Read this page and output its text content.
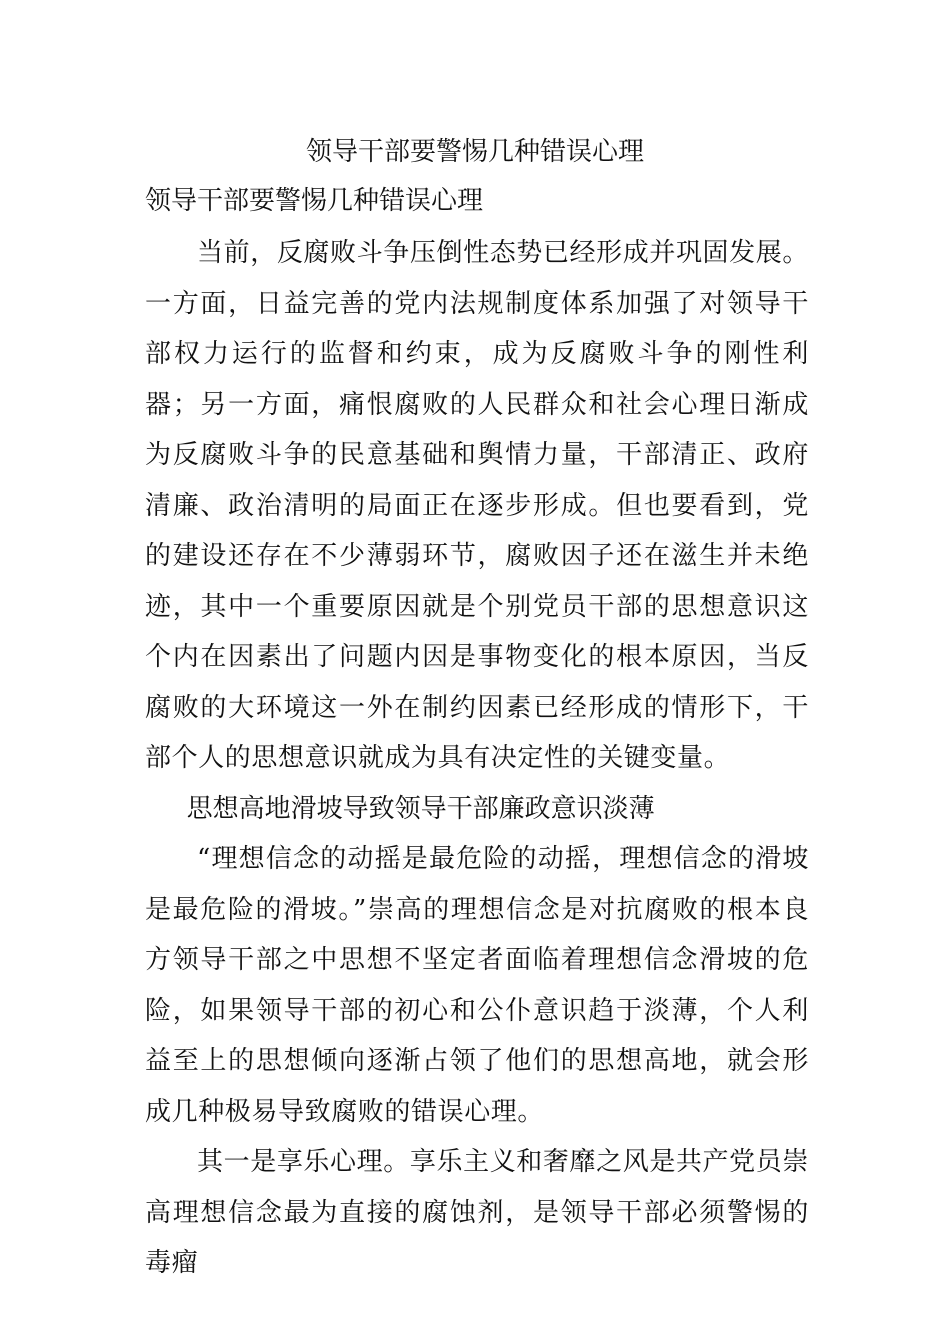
领导干部要警惕几种错误心理
领导干部要警惕几种错误心理

当前，反腐败斗争压倒性态势已经形成并巩固发展。一方面，日益完善的党内法规制度体系加强了对领导干部权力运行的监督和约束，成为反腐败斗争的刚性利器；另一方面，痛恨腐败的人民群众和社会心理日渐成为反腐败斗争的民意基础和舆情力量，干部清正、政府清廉、政治清明的局面正在逐步形成。但也要看到，党的建设还存在不少薄弱环节，腐败因子还在滋生并未绝迹，其中一个重要原因就是个别党员干部的思想意识这个内在因素出了问题内因是事物变化的根本原因，当反腐败的大环境这一外在制约因素已经形成的情形下，干部个人的思想意识就成为具有决定性的关键变量。

思想高地滑坡导致领导干部廉政意识淡薄

“理想信念的动摇是最危险的动摇，理想信念的滑坡是最危险的滑坡。”崇高的理想信念是对抗腐败的根本良方领导干部之中思想不坚定者面临着理想信念滑坡的危险，如果领导干部的初心和公仆意识趋于淡薄，个人利益至上的思想倾向逐渐占领了他们的思想高地，就会形成几种极易导致腐败的错误心理。

其一是享乐心理。享乐主义和奢靡之风是共产党员崇高理想信念最为直接的腐蚀剂，是领导干部必须警惕的毒瘤
